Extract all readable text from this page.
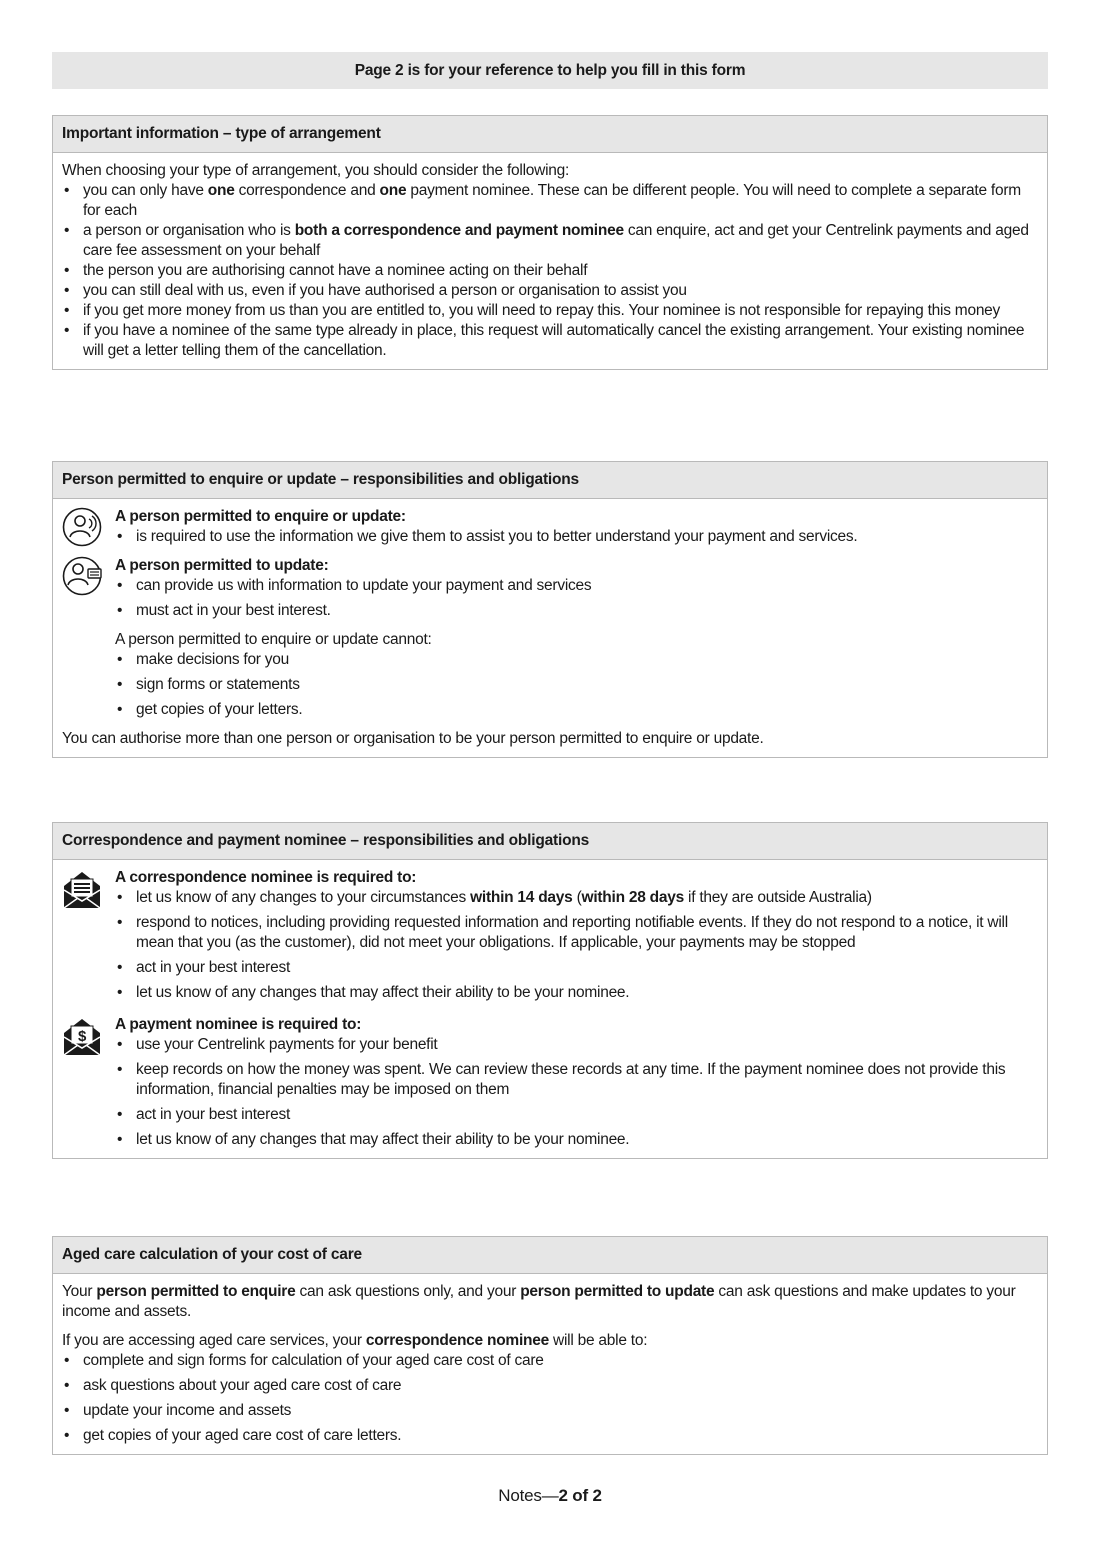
Page 2 is for your reference to help you fill in this form
Important information – type of arrangement

When choosing your type of arrangement, you should consider the following:

• you can only have one correspondence and one payment nominee. These can be different people. You will need to complete a separate form for each
• a person or organisation who is both a correspondence and payment nominee can enquire, act and get your Centrelink payments and aged care fee assessment on your behalf
• the person you are authorising cannot have a nominee acting on their behalf
• you can still deal with us, even if you have authorised a person or organisation to assist you
• if you get more money from us than you are entitled to, you will need to repay this. Your nominee is not responsible for repaying this money
• if you have a nominee of the same type already in place, this request will automatically cancel the existing arrangement. Your existing nominee will get a letter telling them of the cancellation.
Person permitted to enquire or update – responsibilities and obligations
A person permitted to enquire or update:
• is required to use the information we give them to assist you to better understand your payment and services.
A person permitted to update:
• can provide us with information to update your payment and services
• must act in your best interest.

A person permitted to enquire or update cannot:

• make decisions for you
• sign forms or statements
• get copies of your letters.

You can authorise more than one person or organisation to be your person permitted to enquire or update.

Correspondence and payment nominee – responsibilities and obligations
A correspondence nominee is required to:
• let us know of any changes to your circumstances within 14 days (within 28 days if they are outside Australia)
• respond to notices, including providing requested information and reporting notifiable events. If they do not respond to a notice, it will mean that you (as the customer), did not meet your obligations. If applicable, your payments may be stopped
• act in your best interest
• let us know of any changes that may affect their ability to be your nominee.
$
A payment nominee is required to:
• use your Centrelink payments for your benefit
• keep records on how the money was spent. We can review these records at any time. If the payment nominee does not provide this information, financial penalties may be imposed on them
• act in your best interest
• let us know of any changes that may affect their ability to be your nominee.
Aged care calculation of your cost of care

Your person permitted to enquire can ask questions only, and your person permitted to update can ask questions and make updates to your income and assets.

If you are accessing aged care services, your correspondence nominee will be able to:

• complete and sign forms for calculation of your aged care cost of care
• ask questions about your aged care cost of care
• update your income and assets
• get copies of your aged care cost of care letters.
Notes—2 of 2
